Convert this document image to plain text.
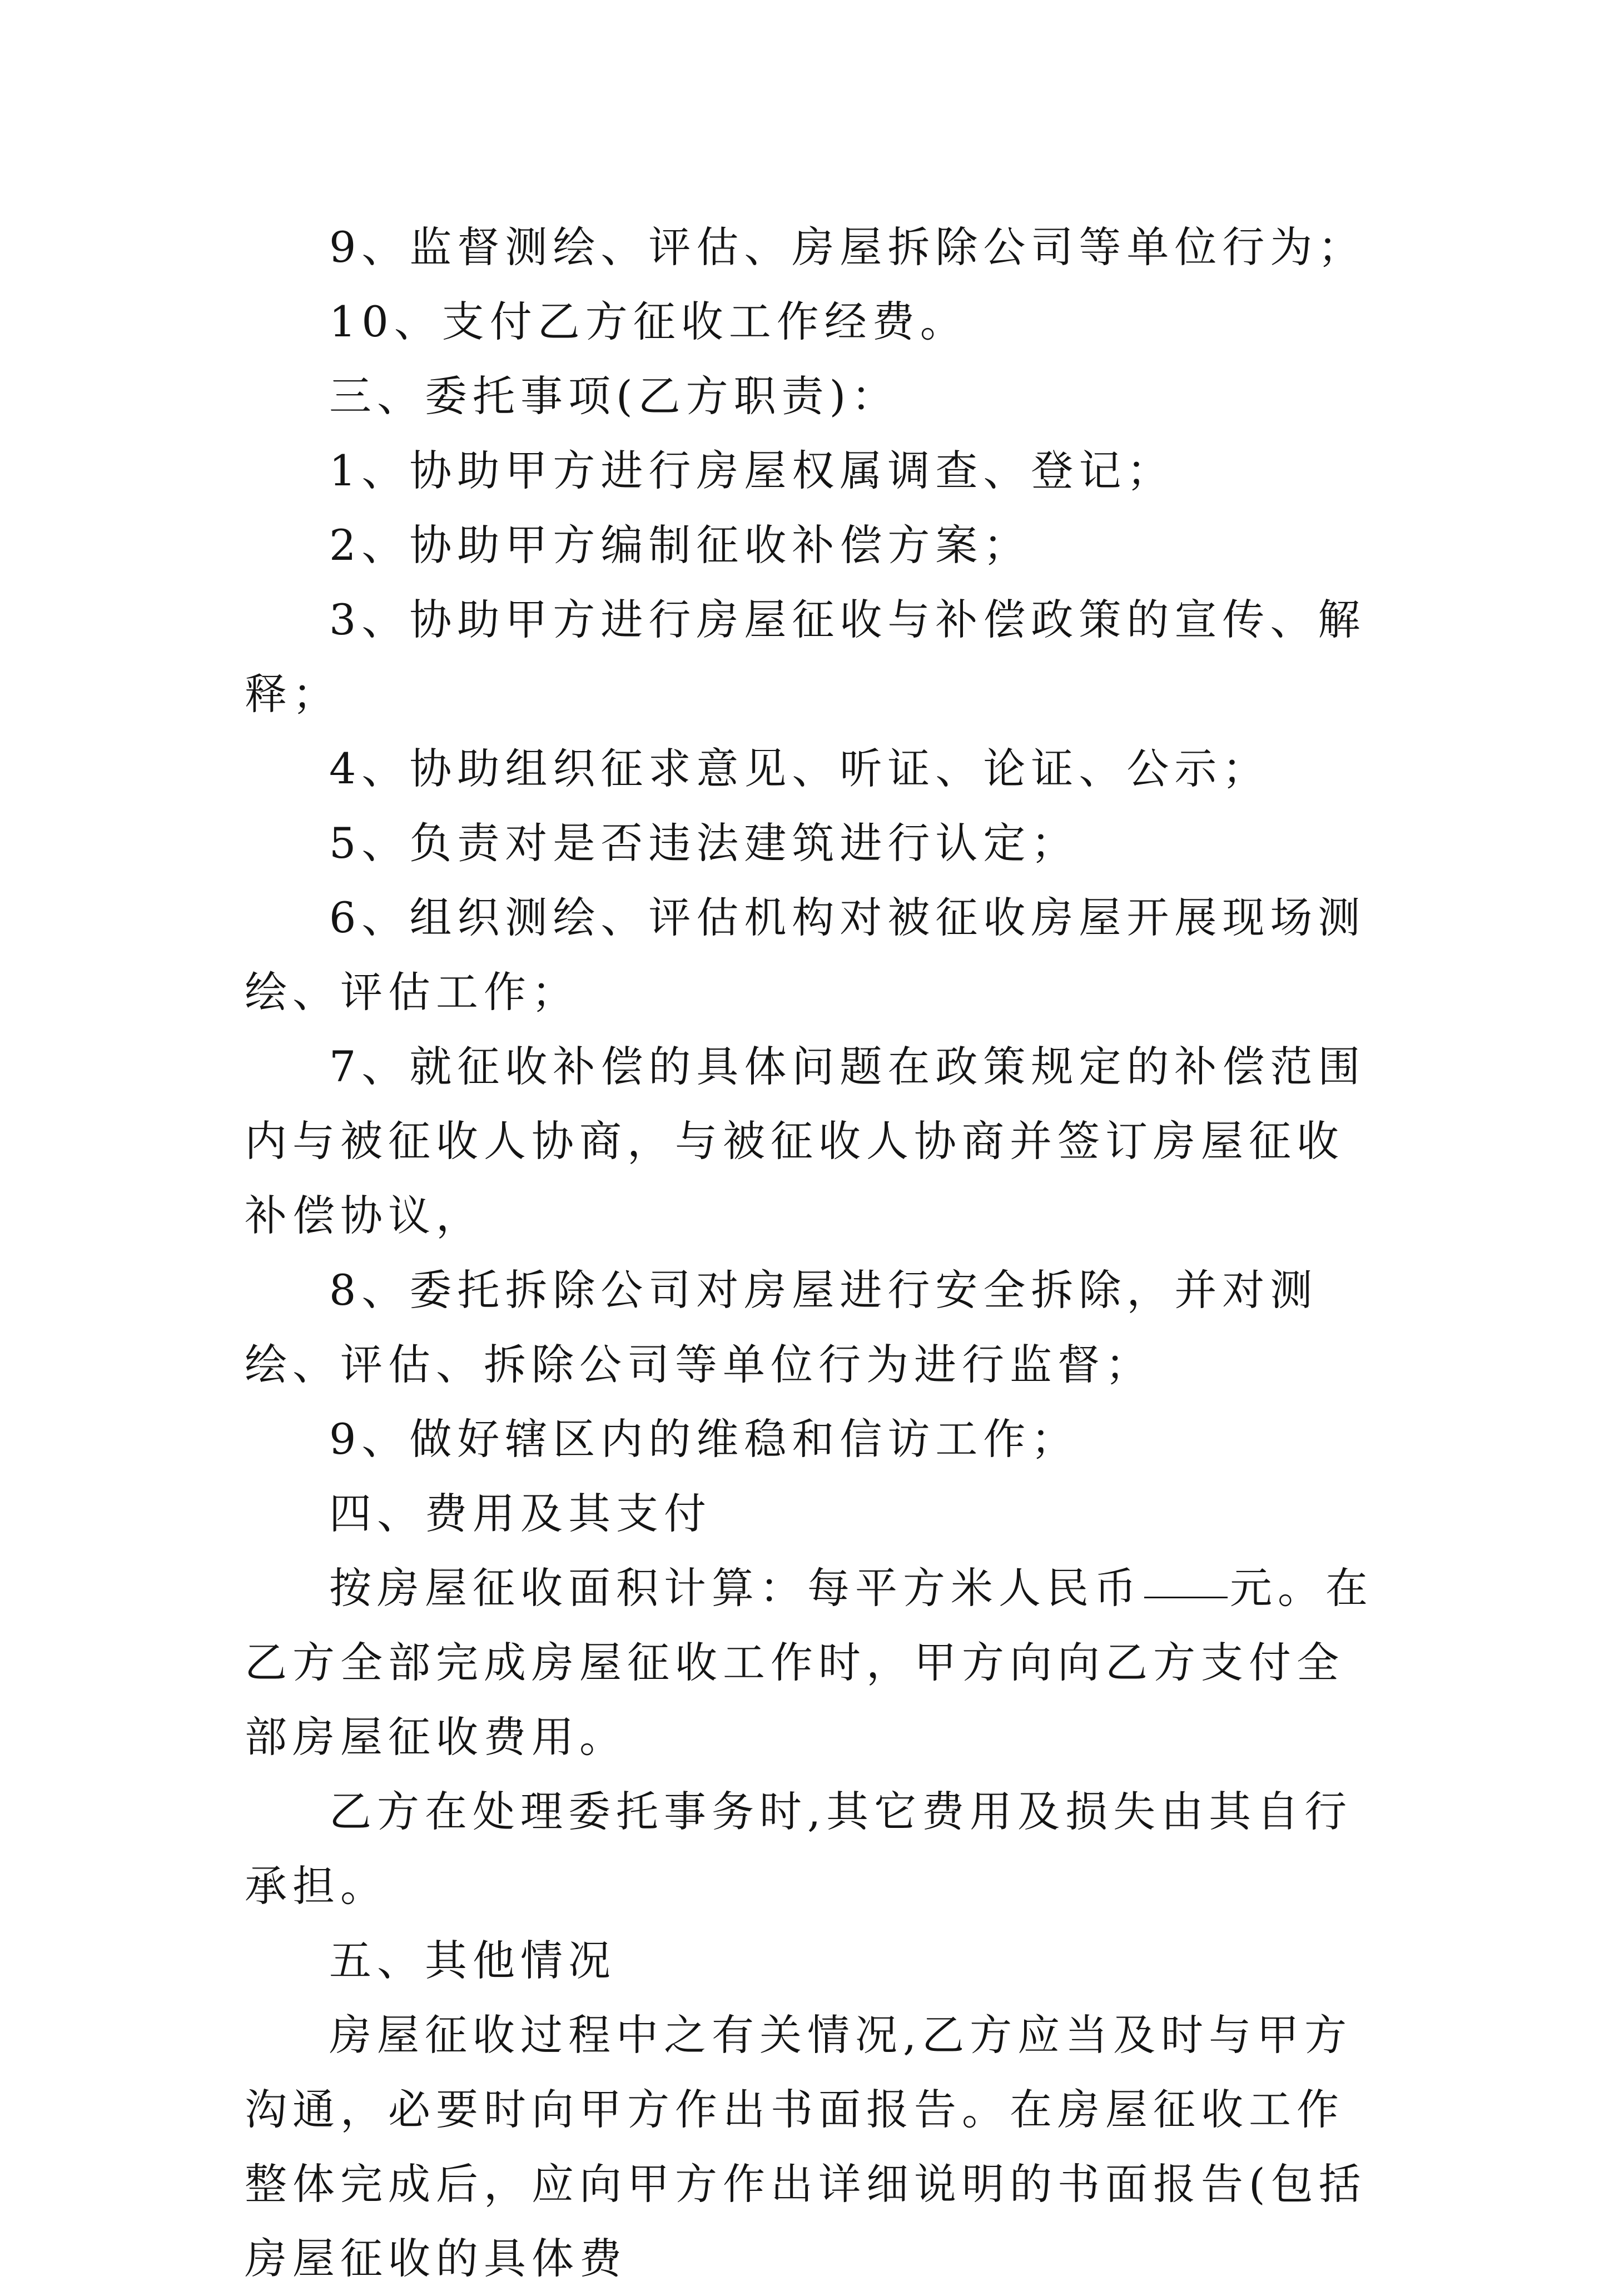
9、监督测绘、评估、房屋拆除公司等单位行为；

10、支付乙方征收工作经费。

三、委托事项(乙方职责)：

1、协助甲方进行房屋权属调查、登记；

2、协助甲方编制征收补偿方案；

3、协助甲方进行房屋征收与补偿政策的宣传、解释；

4、协助组织征求意见、听证、论证、公示；

5、负责对是否违法建筑进行认定；

6、组织测绘、评估机构对被征收房屋开展现场测绘、评估工作；

7、就征收补偿的具体问题在政策规定的补偿范围内与被征收人协商，与被征收人协商并签订房屋征收补偿协议，

8、委托拆除公司对房屋进行安全拆除，并对测绘、评估、拆除公司等单位行为进行监督；

9、做好辖区内的维稳和信访工作；

四、费用及其支付

按房屋征收面积计算：每平方米人民币 元。在乙方全部完成房屋征收工作时，甲方向向乙方支付全部房屋征收费用。

乙方在处理委托事务时,其它费用及损失由其自行承担。

五、其他情况

房屋征收过程中之有关情况,乙方应当及时与甲方沟通，必要时向甲方作出书面报告。在房屋征收工作整体完成后，应向甲方作出详细说明的书面报告(包括房屋征收的具体费
